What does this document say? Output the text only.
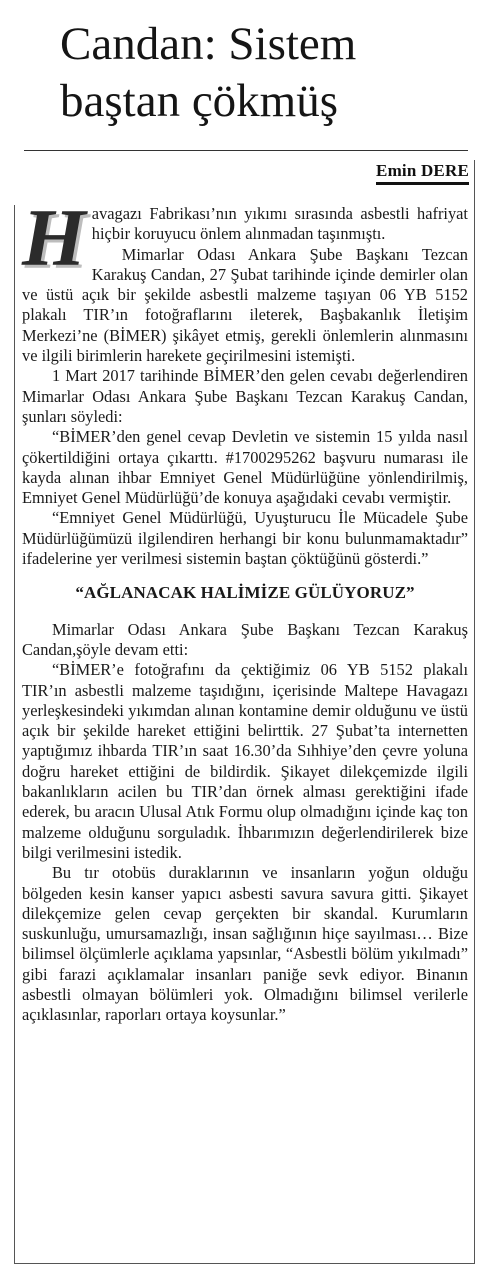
Candan: Sistem baştan çökmüş
Emin DERE

Havagazı Fabrikası’nın yıkımı sırasında asbestli hafriyat hiçbir koruyucu önlem alınmadan taşınmıştı.

Mimarlar Odası Ankara Şube Başkanı Tezcan Karakuş Candan, 27 Şubat tarihinde içinde demirler olan ve üstü açık bir şekilde asbestli malzeme taşıyan 06 YB 5152 plakalı TIR’ın fotoğraflarını ileterek, Başbakanlık İletişim Merkezi’ne (BİMER) şikâyet etmiş, gerekli önlemlerin alınmasını ve ilgili birimlerin harekete geçirilmesini istemişti.

1 Mart 2017 tarihinde BİMER’den gelen cevabı değerlendiren Mimarlar Odası Ankara Şube Başkanı Tezcan Karakuş Candan, şunları söyledi:

“BİMER’den genel cevap Devletin ve sistemin 15 yılda nasıl çökertildiğini ortaya çıkarttı. #1700295262 başvuru numarası ile kayda alınan ihbar Emniyet Genel Müdürlüğüne yönlendirilmiş, Emniyet Genel Müdürlüğü’de konuya aşağıdaki cevabı vermiştir.

“Emniyet Genel Müdürlüğü, Uyuşturucu İle Mücadele Şube Müdürlüğümüzü ilgilendiren herhangi bir konu bulunmamaktadır” ifadelerine yer verilmesi sistemin baştan çöktüğünü gösterdi.”

“AĞLANACAK HALİMİZE GÜLÜYORUZ”

Mimarlar Odası Ankara Şube Başkanı Tezcan Karakuş Candan,şöyle devam etti:

“BİMER’e fotoğrafını da çektiğimiz 06 YB 5152 plakalı TIR’ın asbestli malzeme taşıdığını, içerisinde Maltepe Havagazı yerleşkesindeki yıkımdan alınan kontamine demir olduğunu ve üstü açık bir şekilde hareket ettiğini belirttik. 27 Şubat’ta internetten yaptığımız ihbarda TIR’ın saat 16.30’da Sıhhiye’den çevre yoluna doğru hareket ettiğini de bildirdik. Şikayet dilekçemizde ilgili bakanlıkların acilen bu TIR’dan örnek alması gerektiğini ifade ederek, bu aracın Ulusal Atık Formu olup olmadığını içinde kaç ton malzeme olduğunu sorguladık. İhbarımızın değerlendirilerek bize bilgi verilmesini istedik.

Bu tır otobüs duraklarının ve insanların yoğun olduğu bölgeden kesin kanser yapıcı asbesti savura savura gitti. Şikayet dilekçemize gelen cevap gerçekten bir skandal. Kurumların suskunluğu, umursamazlığı, insan sağlığının hiçe sayılması… Bize bilimsel ölçümlerle açıklama yapsınlar, “Asbestli bölüm yıkılmadı” gibi farazi açıklamalar insanları paniğe sevk ediyor. Binanın asbestli olmayan bölümleri yok. Olmadığını bilimsel verilerle açıklasınlar, raporları ortaya koysunlar.”
